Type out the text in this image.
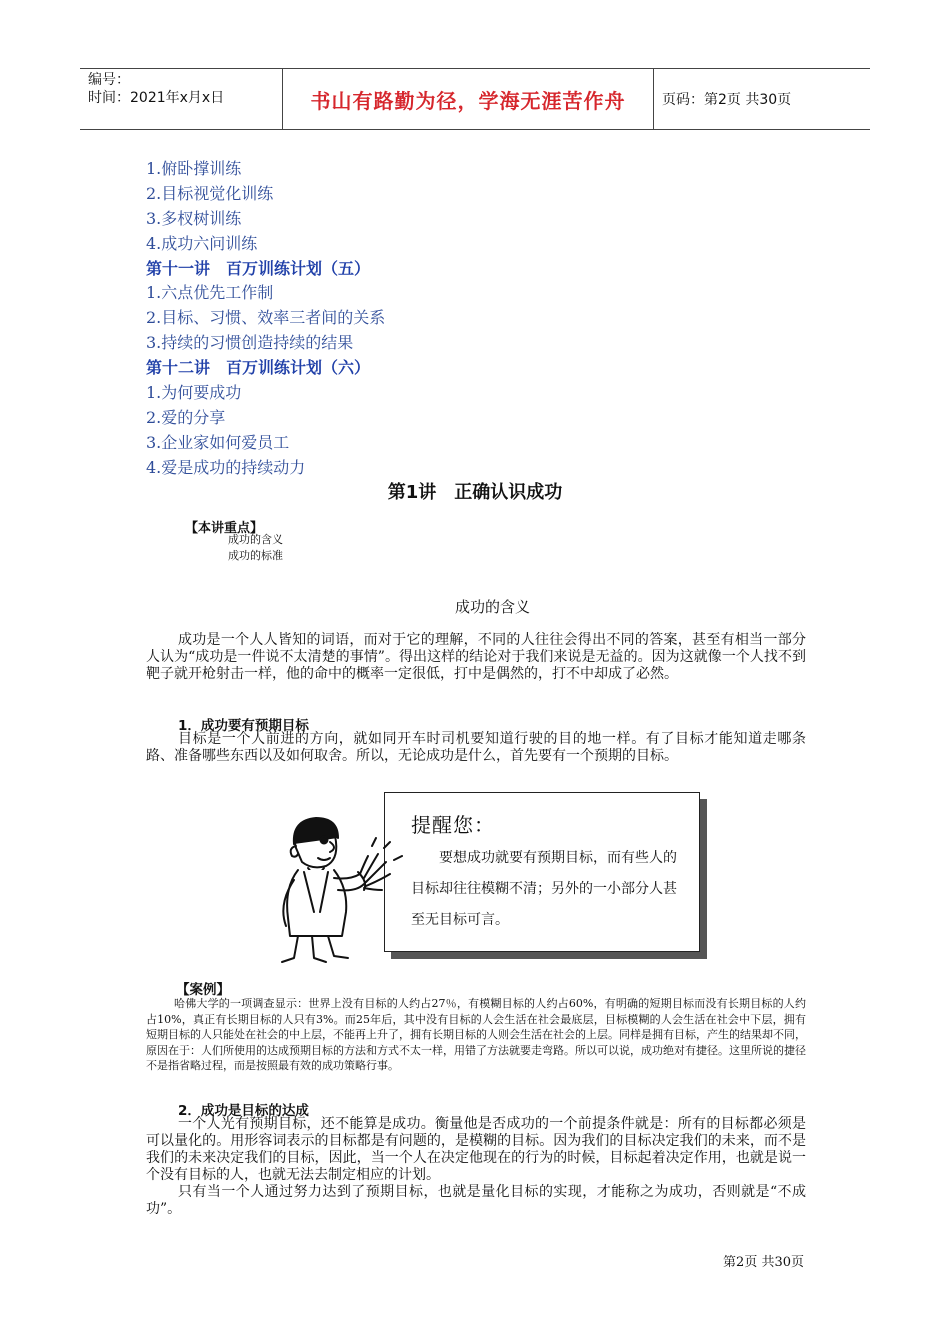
编号：
时间：2021年x月x日	书山有路勤为径，学海无涯苦作舟	页码：第2页 共30页
1.俯卧撑训练
2.目标视觉化训练
3.多杈树训练
4.成功六问训练
第十一讲　百万训练计划（五）
1.六点优先工作制
2.目标、习惯、效率三者间的关系
3.持续的习惯创造持续的结果
第十二讲　百万训练计划（六）
1.为何要成功
2.爱的分享
3.企业家如何爱员工
4.爱是成功的持续动力
第1讲　正确认识成功
【本讲重点】
成功的含义
成功的标准
成功的含义

成功是一个人人皆知的词语，而对于它的理解，不同的人往往会得出不同的答案，甚至有相当一部分人认为“成功是一件说不太清楚的事情”。得出这样的结论对于我们来说是无益的。因为这就像一个人找不到靶子就开枪射击一样，他的命中的概率一定很低，打中是偶然的，打不中却成了必然。

1．成功要有预期目标

目标是一个人前进的方向，就如同开车时司机要知道行驶的目的地一样。有了目标才能知道走哪条路、准备哪些东西以及如何取舍。所以，无论成功是什么，首先要有一个预期的目标。

提醒您：
要想成功就要有预期目标，而有些人的目标却往往模糊不清；另外的一小部分人甚至无目标可言。
【案例】

哈佛大学的一项调查显示：世界上没有目标的人约占27％，有模糊目标的人约占60%，有明确的短期目标而没有长期目标的人约占10%，真正有长期目标的人只有3%。而25年后，其中没有目标的人会生活在社会最底层，目标模糊的人会生活在社会中下层，拥有短期目标的人只能处在社会的中上层，不能再上升了，拥有长期目标的人则会生活在社会的上层。同样是拥有目标，产生的结果却不同，原因在于：人们所使用的达成预期目标的方法和方式不太一样，用错了方法就要走弯路。所以可以说，成功绝对有捷径。这里所说的捷径不是指省略过程，而是按照最有效的成功策略行事。

2．成功是目标的达成

一个人光有预期目标，还不能算是成功。衡量他是否成功的一个前提条件就是：所有的目标都必须是可以量化的。用形容词表示的目标都是有问题的，是模糊的目标。因为我们的目标决定我们的未来，而不是我们的未来决定我们的目标，因此，当一个人在决定他现在的行为的时候，目标起着决定作用，也就是说一个没有目标的人，也就无法去制定相应的计划。

只有当一个人通过努力达到了预期目标，也就是量化目标的实现，才能称之为成功，否则就是“不成功”。

第2页 共30页
